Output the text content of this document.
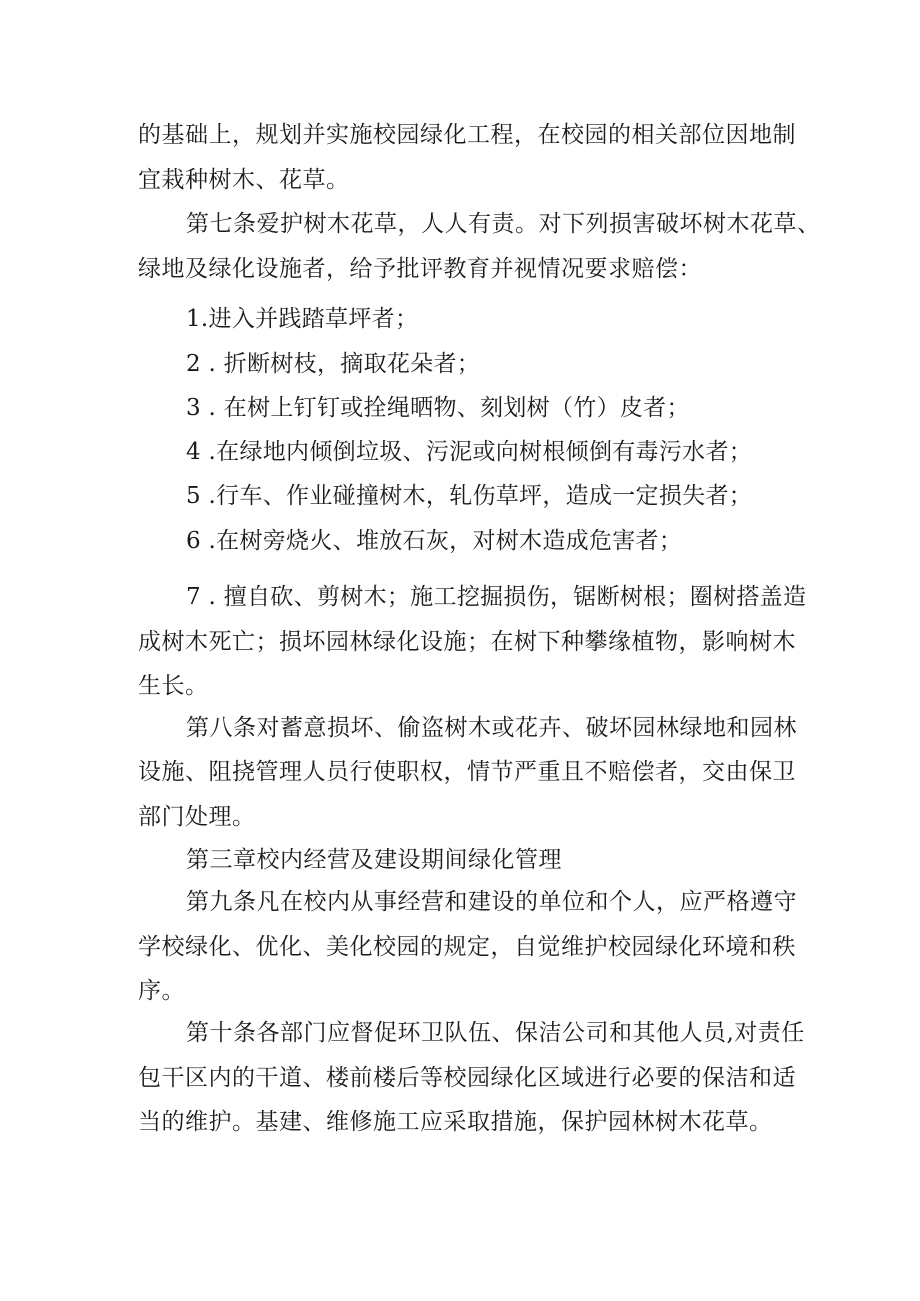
的基础上，规划并实施校园绿化工程，在校园的相关部位因地制
宜栽种树木、花草。
第七条爱护树木花草，人人有责。对下列损害破坏树木花草、
绿地及绿化设施者，给予批评教育并视情况要求赔偿：
1.进入并践踏草坪者；
2 . 折断树枝，摘取花朵者；
3 . 在树上钉钉或拴绳晒物、刻划树（竹）皮者；
4 .在绿地内倾倒垃圾、污泥或向树根倾倒有毒污水者；
5 .行车、作业碰撞树木，轧伤草坪，造成一定损失者；
6 .在树旁烧火、堆放石灰，对树木造成危害者；
7 . 擅自砍、剪树木；施工挖掘损伤，锯断树根；圈树搭盖造
成树木死亡；损坏园林绿化设施；在树下种攀缘植物，影响树木
生长。
第八条对蓄意损坏、偷盗树木或花卉、破坏园林绿地和园林
设施、阻挠管理人员行使职权，情节严重且不赔偿者，交由保卫
部门处理。
第三章校内经营及建设期间绿化管理
第九条凡在校内从事经营和建设的单位和个人，应严格遵守
学校绿化、优化、美化校园的规定，自觉维护校园绿化环境和秩
序。
第十条各部门应督促环卫队伍、保洁公司和其他人员,对责任
包干区内的干道、楼前楼后等校园绿化区域进行必要的保洁和适
当的维护。基建、维修施工应采取措施，保护园林树木花草。
